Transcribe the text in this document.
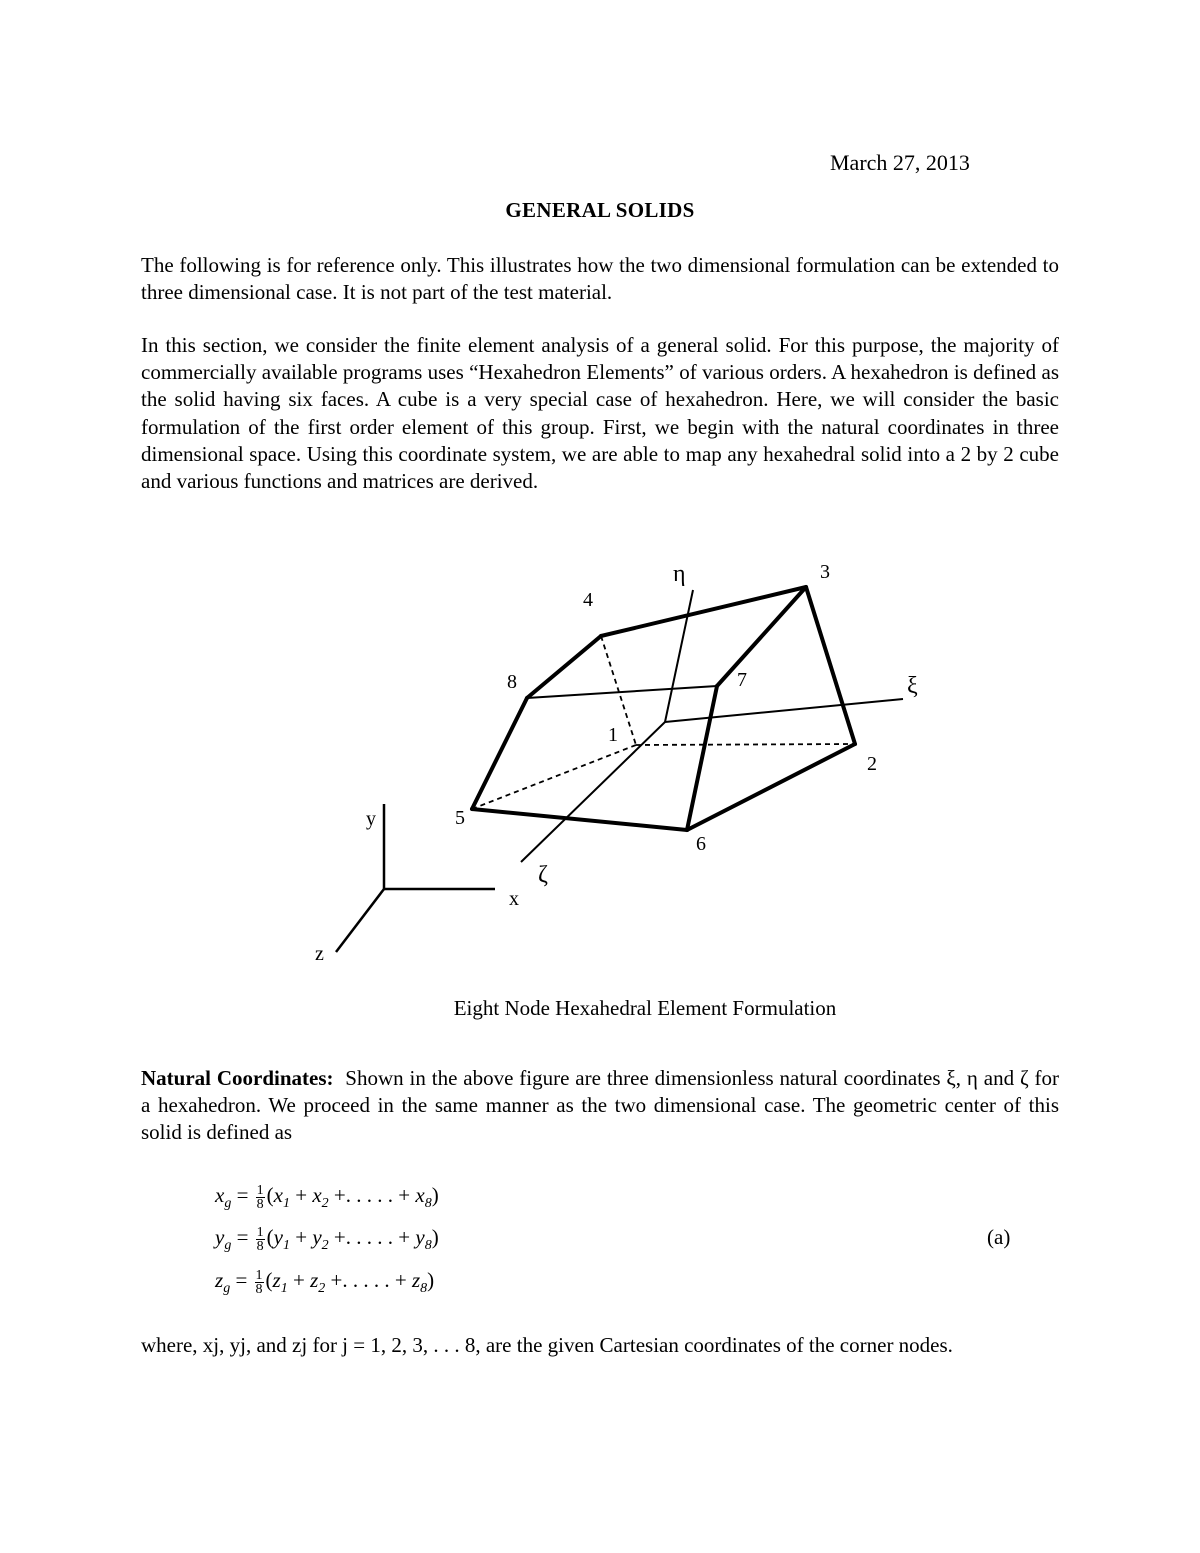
March 27, 2013
GENERAL SOLIDS
The following is for reference only. This illustrates how the two dimensional formulation can be extended to three dimensional case. It is not part of the test material.
In this section, we consider the finite element analysis of a general solid. For this purpose, the majority of commercially available programs uses “Hexahedron Elements” of various orders. A hexahedron is defined as the solid having six faces. A cube is a very special case of hexahedron. Here, we will consider the basic formulation of the first order element of this group. First, we begin with the natural coordinates in three dimensional space. Using this coordinate system, we are able to map any hexahedral solid into a 2 by 2 cube and various functions and matrices are derived.
1
2
3
4
5
6
7
8
η
ξ
ζ
y
x
z
Eight Node Hexahedral Element Formulation
Natural Coordinates: Shown in the above figure are three dimensionless natural coordinates ξ, η and ζ for a hexahedron. We proceed in the same manner as the two dimensional case. The geometric center of this solid is defined as
$x_g = \frac{1}{8} (x_1 + x_2$ +. . . . . + $x_8$)
$y_g = \frac{1}{8} (y_1 + y_2$ +. . . . . + $y_8$)
$z_g = \frac{1}{8} (z_1 + z_2$ +. . . . . + $z_8$)
(a)
where, xj, yj, and zj for j = 1, 2, 3, . . . 8, are the given Cartesian coordinates of the corner nodes.
